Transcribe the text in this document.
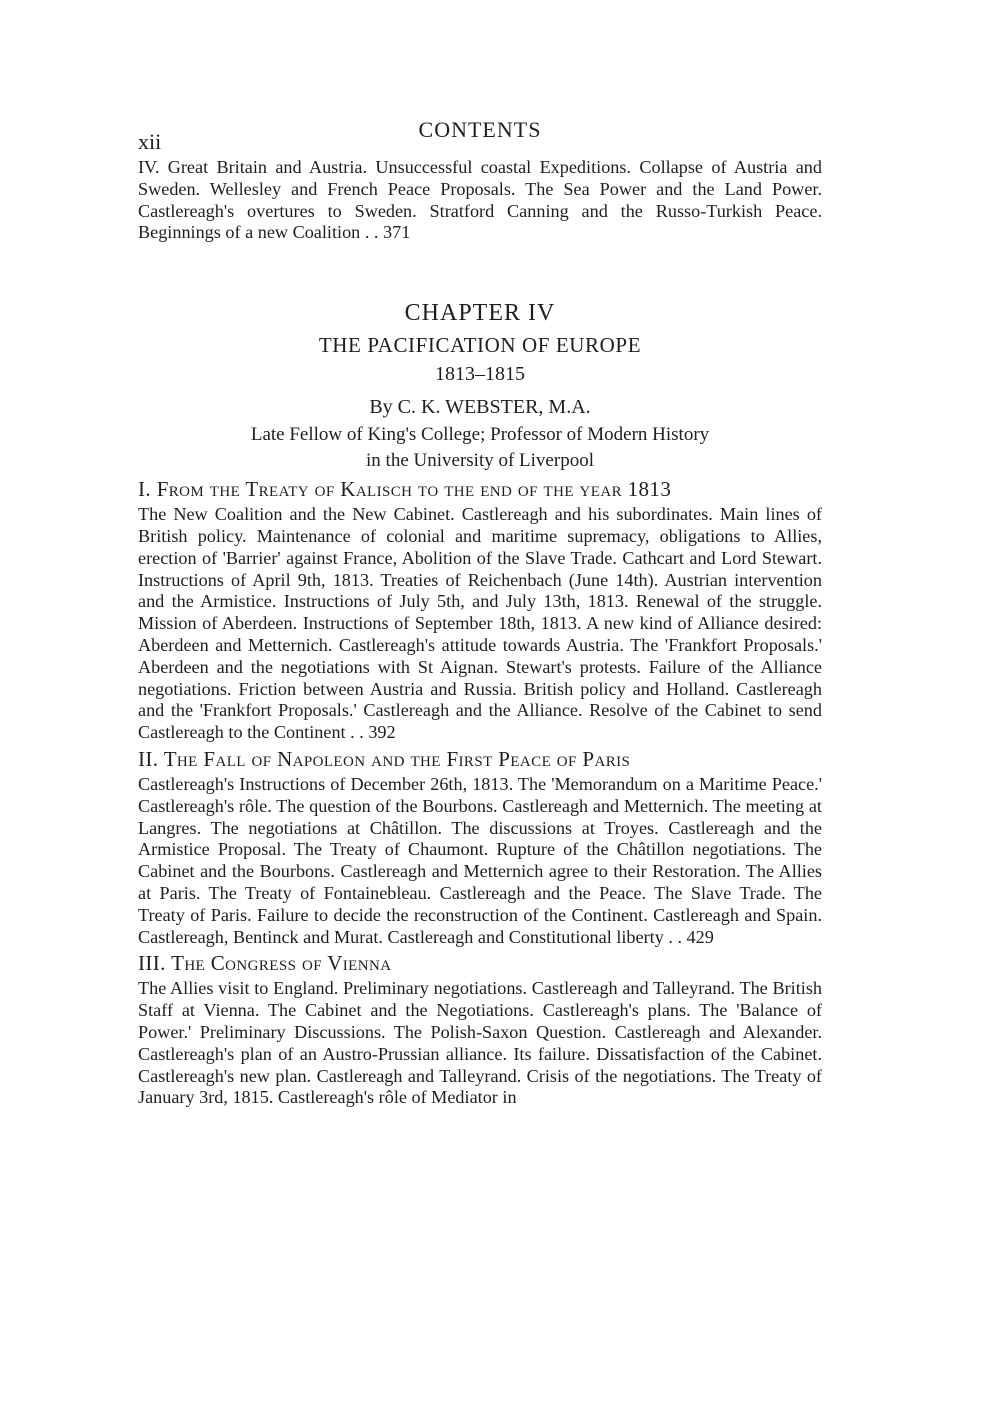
xii	CONTENTS

IV. Great Britain and Austria. Unsuccessful coastal Expeditions. Collapse of Austria and Sweden. Wellesley and French Peace Proposals. The Sea Power and the Land Power. Castlereagh's overtures to Sweden. Stratford Canning and the Russo-Turkish Peace. Beginnings of a new Coalition . . 371

CHAPTER IV
THE PACIFICATION OF EUROPE
1813–1815
By C. K. WEBSTER, M.A.
Late Fellow of King's College; Professor of Modern History
in the University of Liverpool
I. From the Treaty of Kalisch to the end of the year 1813

The New Coalition and the New Cabinet. Castlereagh and his subordinates. Main lines of British policy. Maintenance of colonial and maritime supremacy, obligations to Allies, erection of 'Barrier' against France, Abolition of the Slave Trade. Cathcart and Lord Stewart. Instructions of April 9th, 1813. Treaties of Reichenbach (June 14th). Austrian intervention and the Armistice. Instructions of July 5th, and July 13th, 1813. Renewal of the struggle. Mission of Aberdeen. Instructions of September 18th, 1813. A new kind of Alliance desired: Aberdeen and Metternich. Castlereagh's attitude towards Austria. The 'Frankfort Proposals.' Aberdeen and the negotiations with St Aignan. Stewart's protests. Failure of the Alliance negotiations. Friction between Austria and Russia. British policy and Holland. Castlereagh and the 'Frankfort Proposals.' Castlereagh and the Alliance. Resolve of the Cabinet to send Castlereagh to the Continent . . 392

II. The Fall of Napoleon and the First Peace of Paris

Castlereagh's Instructions of December 26th, 1813. The 'Memorandum on a Maritime Peace.' Castlereagh's rôle. The question of the Bourbons. Castlereagh and Metternich. The meeting at Langres. The negotiations at Châtillon. The discussions at Troyes. Castlereagh and the Armistice Proposal. The Treaty of Chaumont. Rupture of the Châtillon negotiations. The Cabinet and the Bourbons. Castlereagh and Metternich agree to their Restoration. The Allies at Paris. The Treaty of Fontainebleau. Castlereagh and the Peace. The Slave Trade. The Treaty of Paris. Failure to decide the reconstruction of the Continent. Castlereagh and Spain. Castlereagh, Bentinck and Murat. Castlereagh and Constitutional liberty . . 429

III. The Congress of Vienna

The Allies visit to England. Preliminary negotiations. Castlereagh and Talleyrand. The British Staff at Vienna. The Cabinet and the Negotiations. Castlereagh's plans. The 'Balance of Power.' Preliminary Discussions. The Polish-Saxon Question. Castlereagh and Alexander. Castlereagh's plan of an Austro-Prussian alliance. Its failure. Dissatisfaction of the Cabinet. Castlereagh's new plan. Castlereagh and Talleyrand. Crisis of the negotiations. The Treaty of January 3rd, 1815. Castlereagh's rôle of Mediator in
